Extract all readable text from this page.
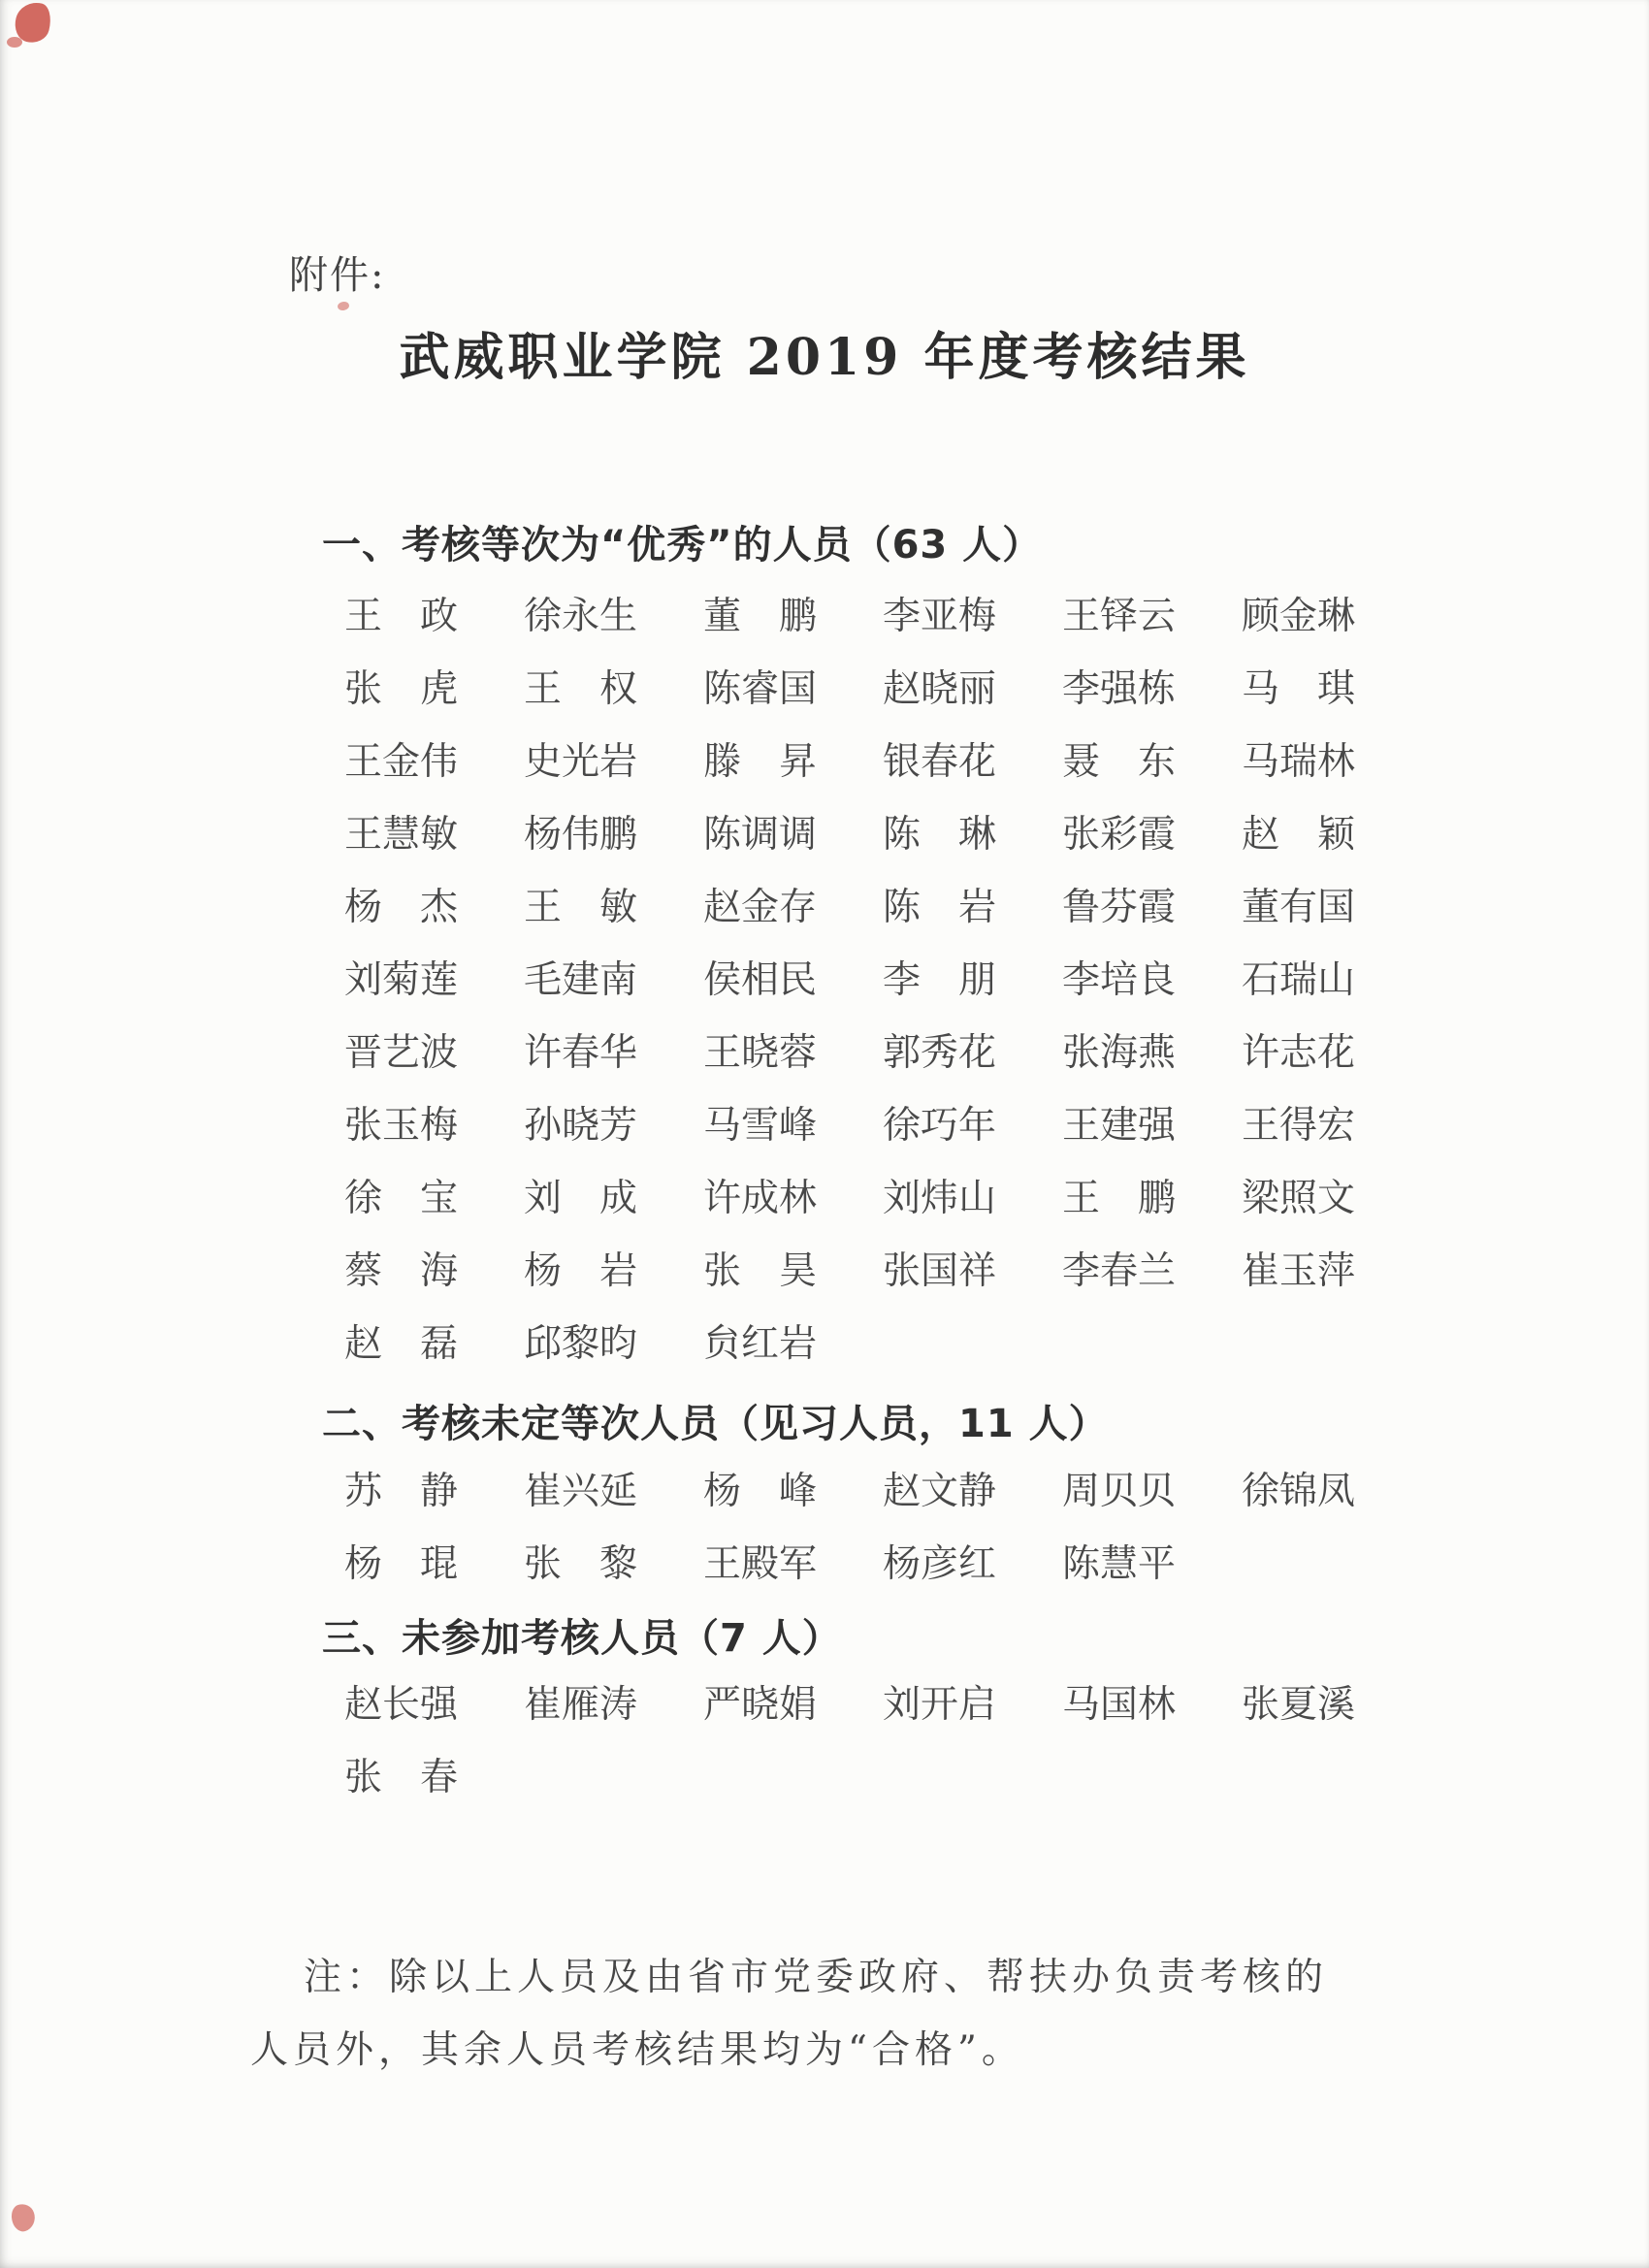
附件:
武威职业学院 2019 年度考核结果
一、考核等次为“优秀”的人员（63 人）
王　政 徐永生 董　鹏 李亚梅 王铎云 顾金琳
张　虎 王　权 陈睿国 赵晓丽 李强栋 马　琪
王金伟 史光岩 滕　昇 银春花 聂　东 马瑞林
王慧敏 杨伟鹏 陈调调 陈　琳 张彩霞 赵　颖
杨　杰 王　敏 赵金存 陈　岩 鲁芬霞 董有国
刘菊莲 毛建南 侯相民 李　朋 李培良 石瑞山
晋艺波 许春华 王晓蓉 郭秀花 张海燕 许志花
张玉梅 孙晓芳 马雪峰 徐巧年 王建强 王得宏
徐　宝 刘　成 许成林 刘炜山 王　鹏 梁照文
蔡　海 杨　岩 张　昊 张国祥 李春兰 崔玉萍
赵　磊 邱黎昀 贠红岩
二、考核未定等次人员（见习人员，11 人）
苏　静 崔兴延 杨　峰 赵文静 周贝贝 徐锦凤
杨　琨 张　黎 王殿军 杨彦红 陈慧平
三、未参加考核人员（7 人）
赵长强 崔雁涛 严晓娟 刘开启 马国林 张夏溪
张　春
注：除以上人员及由省市党委政府、帮扶办负责考核的
人员外，其余人员考核结果均为“合格”。
